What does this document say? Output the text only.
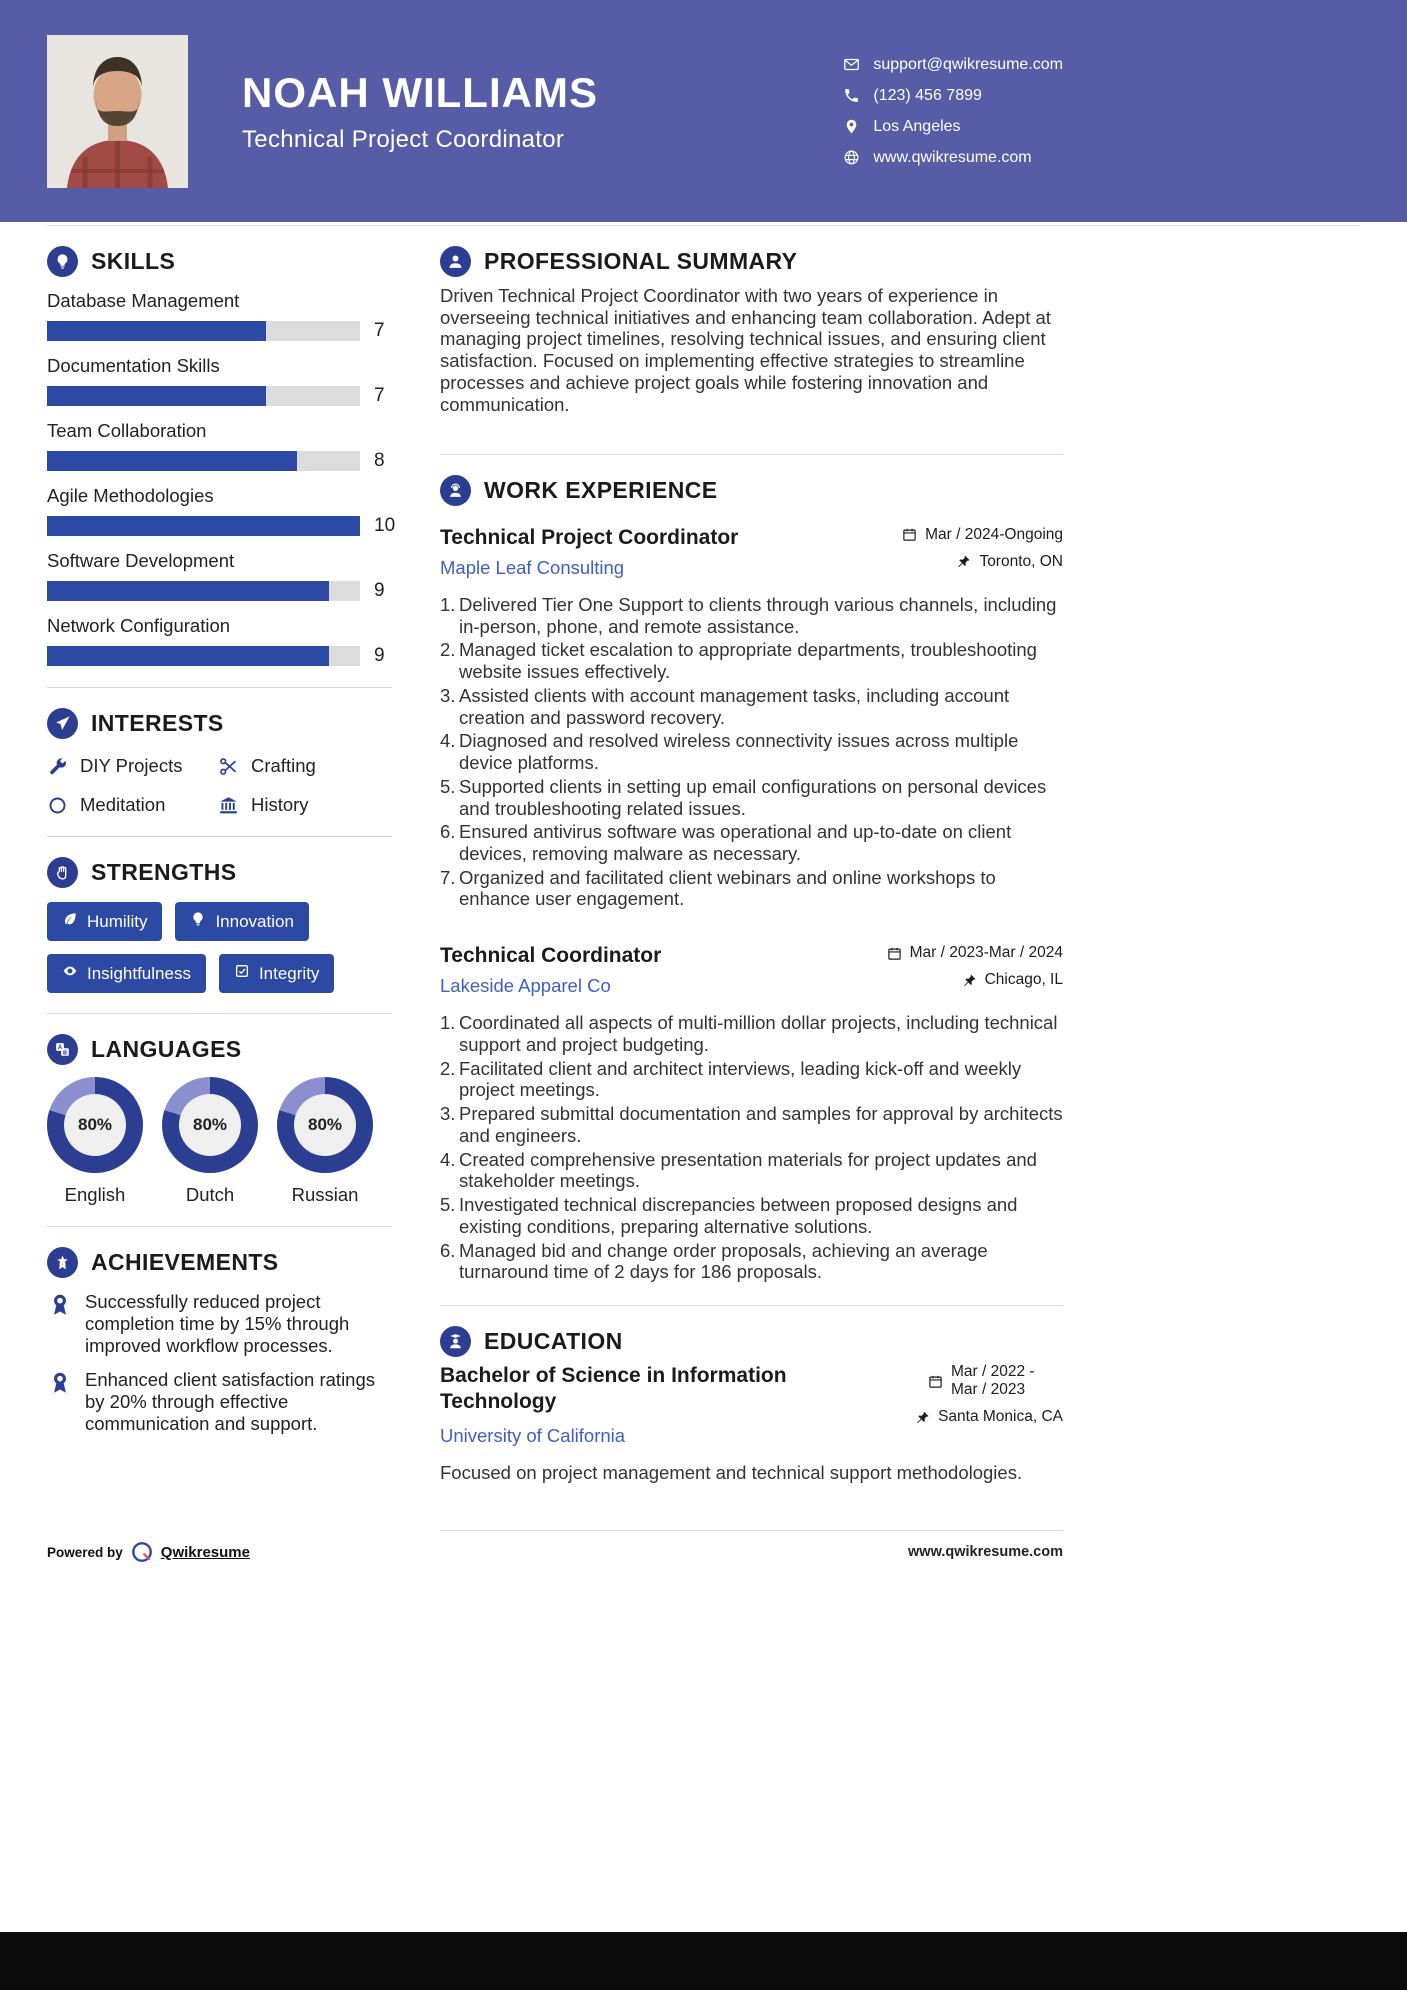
NOAH WILLIAMS
Technical Project Coordinator
support@qwikresume.com
(123) 456 7899
Los Angeles
www.qwikresume.com
SKILLS
Database Management
7
Documentation Skills
7
Team Collaboration
8
Agile Methodologies
10
Software Development
9
Network Configuration
9
INTERESTS
DIY Projects	Crafting
Meditation	History
STRENGTHS
Humility	Innovation
Insightfulness	Integrity
A
B LANGUAGES
80%
English
80%
Dutch
80%
Russian
ACHIEVEMENTS
Successfully reduced project completion time by 15% through improved workflow processes.
Enhanced client satisfaction ratings by 20% through effective communication and support.
PROFESSIONAL SUMMARY

Driven Technical Project Coordinator with two years of experience in overseeing technical initiatives and enhancing team collaboration. Adept at managing project timelines, resolving technical issues, and ensuring client satisfaction. Focused on implementing effective strategies to streamline processes and achieve project goals while fostering innovation and communication.

WORK EXPERIENCE
Technical Project Coordinator
Maple Leaf Consulting
Mar / 2024-Ongoing
Toronto, ON
Delivered Tier One Support to clients through various channels, including in-person, phone, and remote assistance.
Managed ticket escalation to appropriate departments, troubleshooting website issues effectively.
Assisted clients with account management tasks, including account creation and password recovery.
Diagnosed and resolved wireless connectivity issues across multiple device platforms.
Supported clients in setting up email configurations on personal devices and troubleshooting related issues.
Ensured antivirus software was operational and up-to-date on client devices, removing malware as necessary.
Organized and facilitated client webinars and online workshops to enhance user engagement.
Technical Coordinator
Lakeside Apparel Co
Mar / 2023-Mar / 2024
Chicago, IL
Coordinated all aspects of multi-million dollar projects, including technical support and project budgeting.
Facilitated client and architect interviews, leading kick-off and weekly project meetings.
Prepared submittal documentation and samples for approval by architects and engineers.
Created comprehensive presentation materials for project updates and stakeholder meetings.
Investigated technical discrepancies between proposed designs and existing conditions, preparing alternative solutions.
Managed bid and change order proposals, achieving an average turnaround time of 2 days for 186 proposals.
EDUCATION
Bachelor of Science in Information Technology
University of California
Mar / 2022 - Mar / 2023
Santa Monica, CA

Focused on project management and technical support methodologies.

Powered by	Qwikresume	www.qwikresume.com
